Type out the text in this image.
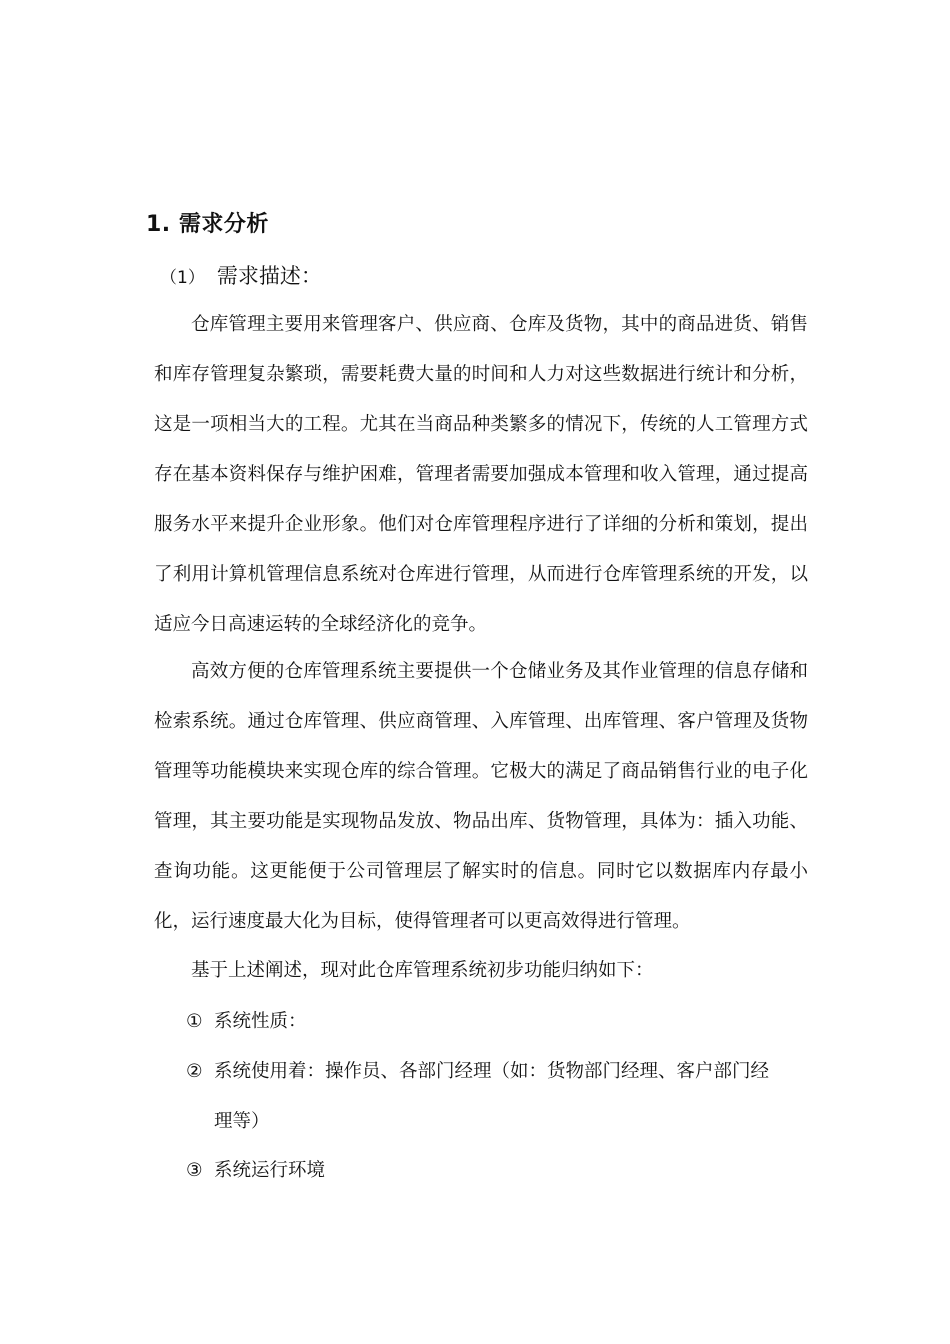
1. 需求分析
（1） 需求描述：

仓库管理主要用来管理客户、供应商、仓库及货物，其中的商品进货、销售和库存管理复杂繁琐，需要耗费大量的时间和人力对这些数据进行统计和分析，这是一项相当大的工程。尤其在当商品种类繁多的情况下，传统的人工管理方式存在基本资料保存与维护困难，管理者需要加强成本管理和收入管理，通过提高服务水平来提升企业形象。他们对仓库管理程序进行了详细的分析和策划，提出了利用计算机管理信息系统对仓库进行管理，从而进行仓库管理系统的开发，以适应今日高速运转的全球经济化的竞争。

高效方便的仓库管理系统主要提供一个仓储业务及其作业管理的信息存储和检索系统。通过仓库管理、供应商管理、入库管理、出库管理、客户管理及货物管理等功能模块来实现仓库的综合管理。它极大的满足了商品销售行业的电子化管理，其主要功能是实现物品发放、物品出库、货物管理，具体为：插入功能、查询功能。这更能便于公司管理层了解实时的信息。同时它以数据库内存最小化，运行速度最大化为目标，使得管理者可以更高效得进行管理。

基于上述阐述，现对此仓库管理系统初步功能归纳如下：

① 系统性质：
② 系统使用着：操作员、各部门经理（如：货物部门经理、客户部门经
理等）
③ 系统运行环境
